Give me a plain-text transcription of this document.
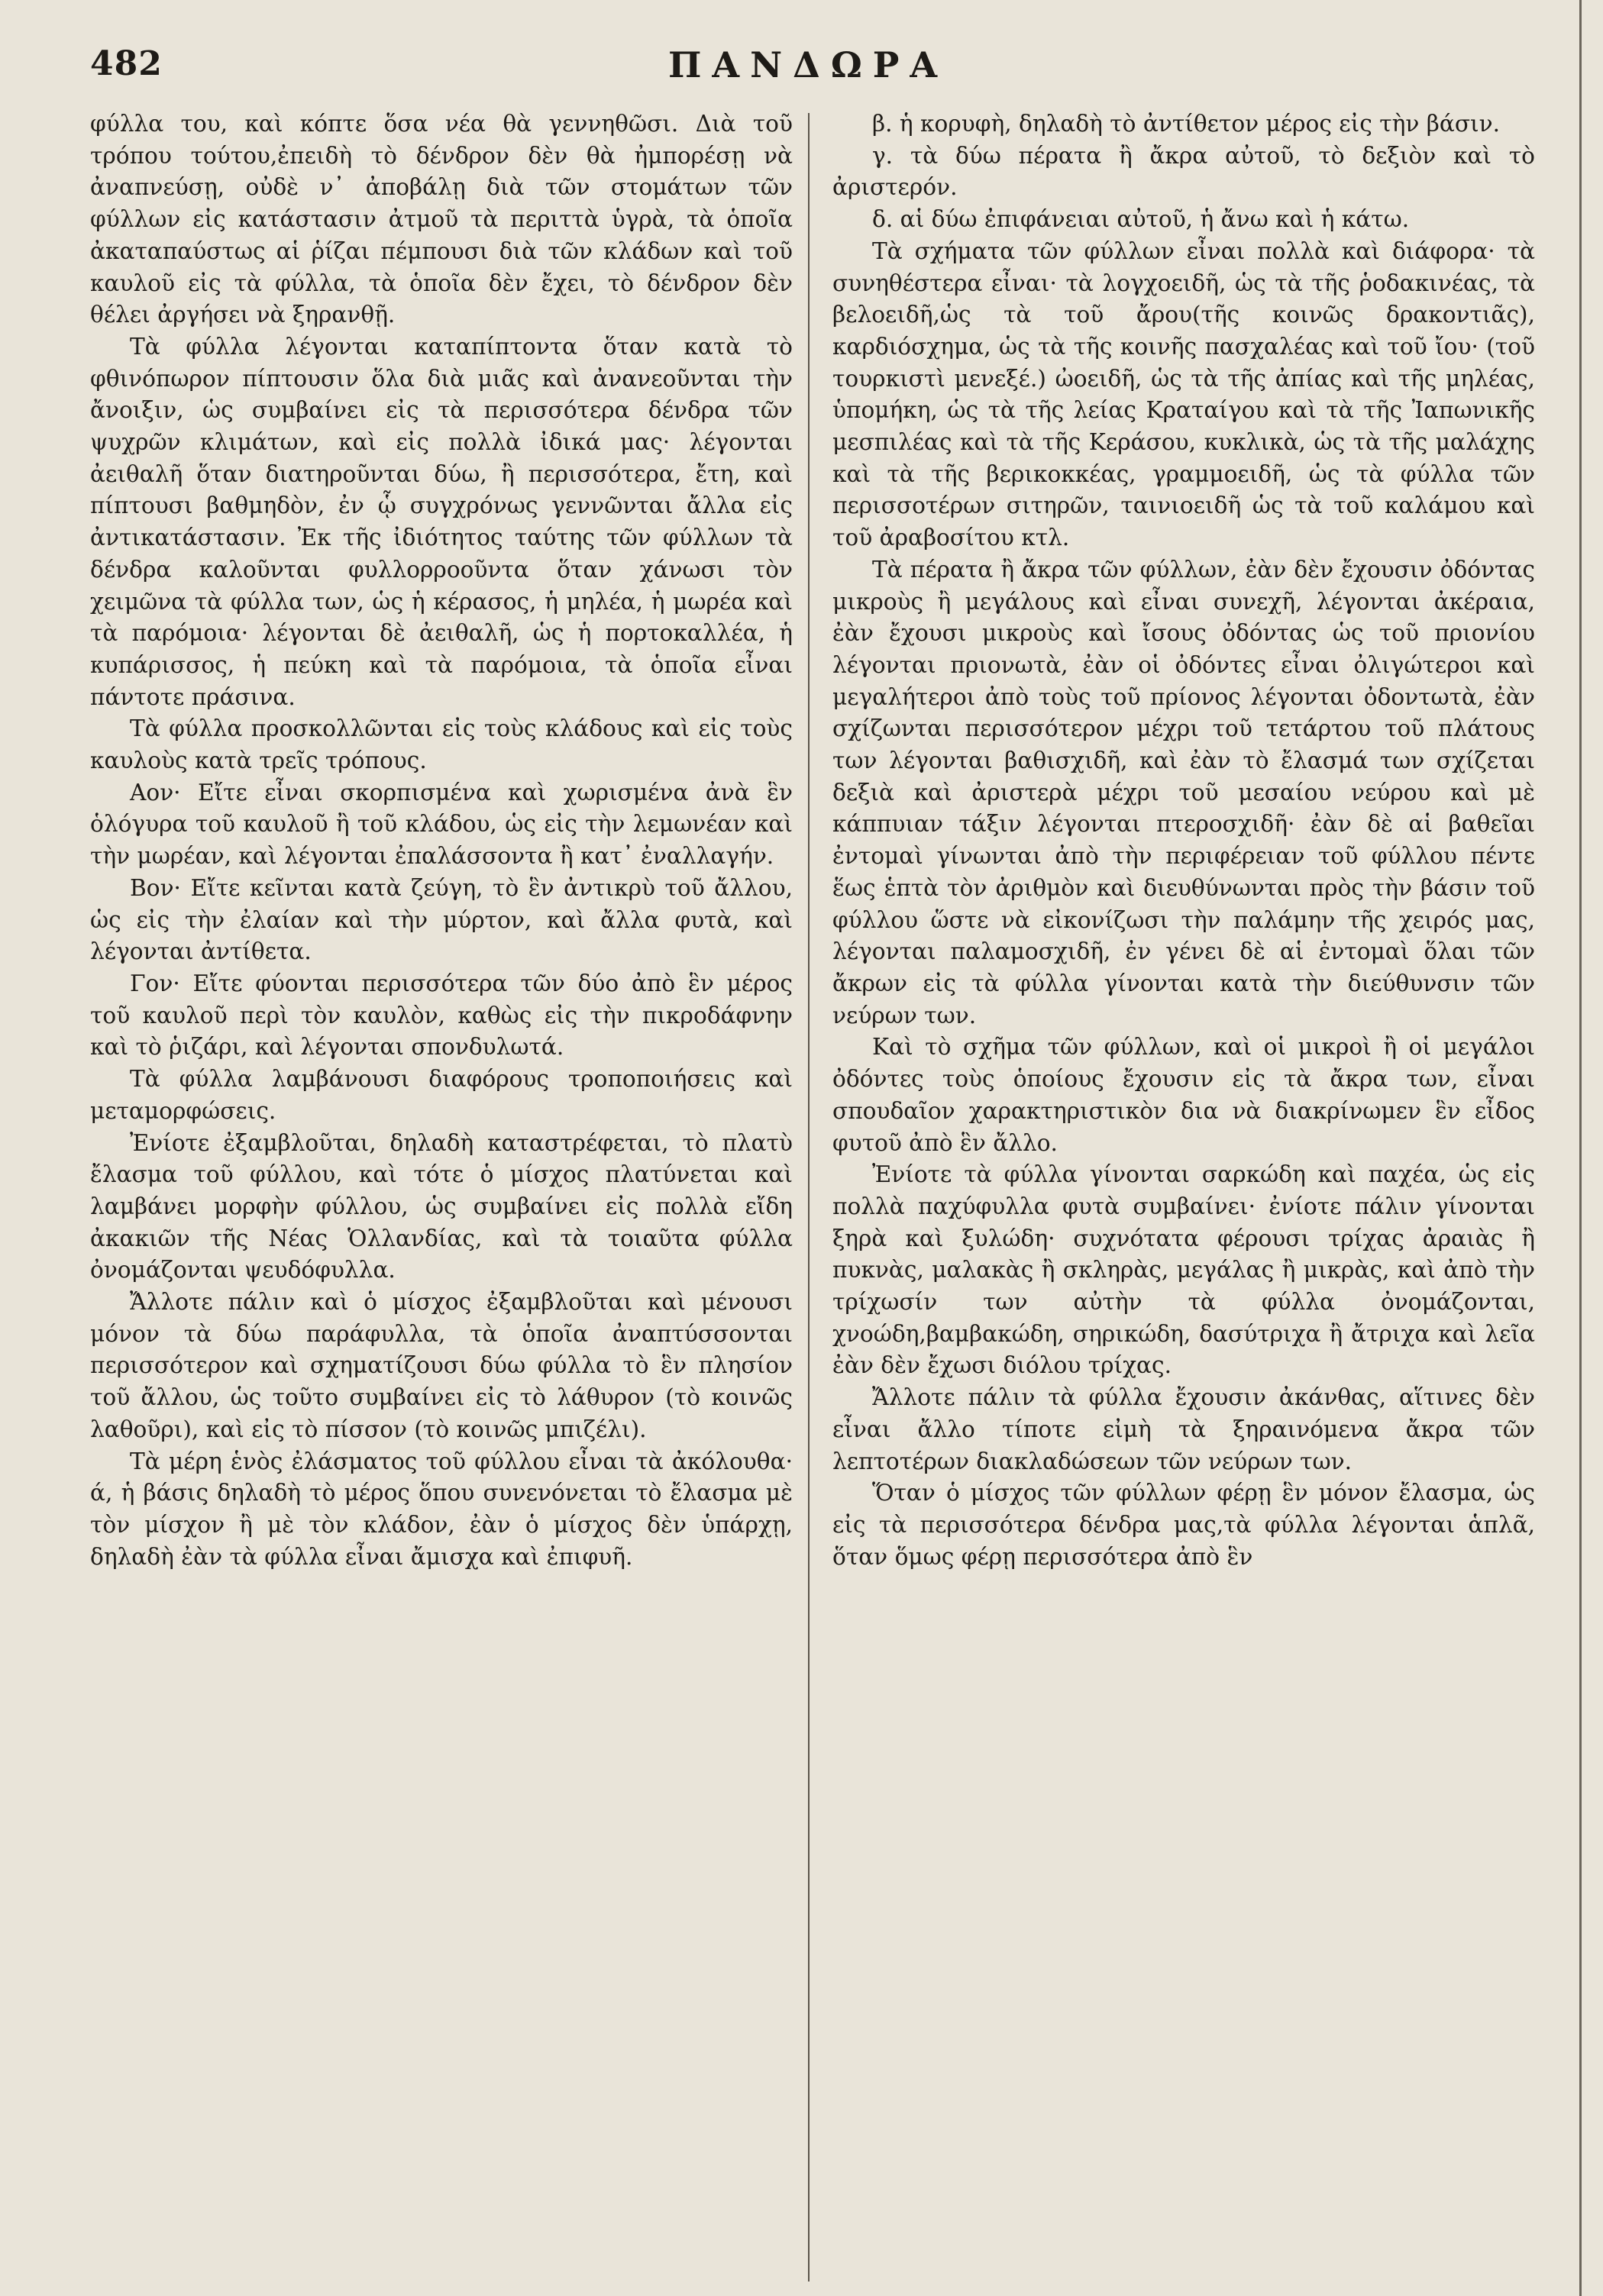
482	ΠΑΝΔΩΡΑ

φύλλα του, καὶ κόπτε ὅσα νέα θὰ γεννηθῶσι. Διὰ τοῦ τρόπου τούτου,ἐπειδὴ τὸ δένδρον δὲν θὰ ἠμπορέσῃ νὰ ἀναπνεύσῃ, οὐδὲ ν᾽ ἀποβάλῃ διὰ τῶν στομάτων τῶν φύλλων εἰς κατάστασιν ἀτμοῦ τὰ περιττὰ ὑγρὰ, τὰ ὁποῖα ἀκαταπαύστως αἱ ῥίζαι πέμπουσι διὰ τῶν κλάδων καὶ τοῦ καυλοῦ εἰς τὰ φύλλα, τὰ ὁποῖα δὲν ἔχει, τὸ δένδρον δὲν θέλει ἀργήσει νὰ ξηρανθῇ.

Τὰ φύλλα λέγονται καταπίπτοντα ὅταν κατὰ τὸ φθινόπωρον πίπτουσιν ὅλα διὰ μιᾶς καὶ ἀνανεοῦνται τὴν ἄνοιξιν, ὡς συμβαίνει εἰς τὰ περισσότερα δένδρα τῶν ψυχρῶν κλιμάτων, καὶ εἰς πολλὰ ἰδικά μας· λέγονται ἀειθαλῆ ὅταν διατηροῦνται δύω, ἢ περισσότερα, ἔτη, καὶ πίπτουσι βαθμηδὸν, ἐν ᾧ συγχρόνως γεννῶνται ἄλλα εἰς ἀντικατάστασιν. Ἐκ τῆς ἰδιότητος ταύτης τῶν φύλλων τὰ δένδρα καλοῦνται φυλλορροοῦντα ὅταν χάνωσι τὸν χειμῶνα τὰ φύλλα των, ὡς ἡ κέρασος, ἡ μηλέα, ἡ μωρέα καὶ τὰ παρόμοια· λέγονται δὲ ἀειθαλῆ, ὡς ἡ πορτοκαλλέα, ἡ κυπάρισσος, ἡ πεύκη καὶ τὰ παρόμοια, τὰ ὁποῖα εἶναι πάντοτε πράσινα.

Τὰ φύλλα προσκολλῶνται εἰς τοὺς κλάδους καὶ εἰς τοὺς καυλοὺς κατὰ τρεῖς τρόπους.

Αον· Εἴτε εἶναι σκορπισμένα καὶ χωρισμένα ἀνὰ ἓν ὁλόγυρα τοῦ καυλοῦ ἢ τοῦ κλάδου, ὡς εἰς τὴν λεμωνέαν καὶ τὴν μωρέαν, καὶ λέγονται ἐπαλάσσοντα ἢ κατ᾽ ἐναλλαγήν.

Βον· Εἴτε κεῖνται κατὰ ζεύγη, τὸ ἓν ἀντικρὺ τοῦ ἄλλου, ὡς εἰς τὴν ἐλαίαν καὶ τὴν μύρτον, καὶ ἄλλα φυτὰ, καὶ λέγονται ἀντίθετα.

Γον· Εἴτε φύονται περισσότερα τῶν δύο ἀπὸ ἓν μέρος τοῦ καυλοῦ περὶ τὸν καυλὸν, καθὼς εἰς τὴν πικροδάφνην καὶ τὸ ῥιζάρι, καὶ λέγονται σπονδυλωτά.

Τὰ φύλλα λαμβάνουσι διαφόρους τροποποιήσεις καὶ μεταμορφώσεις.

Ἐνίοτε ἐξαμβλοῦται, δηλαδὴ καταστρέφεται, τὸ πλατὺ ἔλασμα τοῦ φύλλου, καὶ τότε ὁ μίσχος πλατύνεται καὶ λαμβάνει μορφὴν φύλλου, ὡς συμβαίνει εἰς πολλὰ εἴδη ἀκακιῶν τῆς Νέας Ὁλλανδίας, καὶ τὰ τοιαῦτα φύλλα ὀνομάζονται ψευδόφυλλα.

Ἄλλοτε πάλιν καὶ ὁ μίσχος ἐξαμβλοῦται καὶ μένουσι μόνον τὰ δύω παράφυλλα, τὰ ὁποῖα ἀναπτύσσονται περισσότερον καὶ σχηματίζουσι δύω φύλλα τὸ ἓν πλησίον τοῦ ἄλλου, ὡς τοῦτο συμβαίνει εἰς τὸ λάθυρον (τὸ κοινῶς λαθοῦρι), καὶ εἰς τὸ πίσσον (τὸ κοινῶς μπιζέλι).

Τὰ μέρη ἑνὸς ἐλάσματος τοῦ φύλλου εἶναι τὰ ἀκόλουθα· ά, ἡ βάσις δηλαδὴ τὸ μέρος ὅπου συνενόνεται τὸ ἔλασμα μὲ τὸν μίσχον ἢ μὲ τὸν κλάδον, ἐὰν ὁ μίσχος δὲν ὑπάρχῃ, δηλαδὴ ἐὰν τὰ φύλλα εἶναι ἄμισχα καὶ ἐπιφυῆ.

β. ἡ κορυφὴ, δηλαδὴ τὸ ἀντίθετον μέρος εἰς τὴν βάσιν.

γ. τὰ δύω πέρατα ἢ ἄκρα αὐτοῦ, τὸ δεξιὸν καὶ τὸ ἀριστερόν.

δ. αἱ δύω ἐπιφάνειαι αὐτοῦ, ἡ ἄνω καὶ ἡ κάτω.

Τὰ σχήματα τῶν φύλλων εἶναι πολλὰ καὶ διάφορα· τὰ συνηθέστερα εἶναι· τὰ λογχοειδῆ, ὡς τὰ τῆς ῥοδακινέας, τὰ βελοειδῆ,ὡς τὰ τοῦ ἄρου(τῆς κοινῶς δρακοντιᾶς), καρδιόσχημα, ὡς τὰ τῆς κοινῆς πασχαλέας καὶ τοῦ ἴου· (τοῦ τουρκιστὶ μενεξέ.) ὠοειδῆ, ὡς τὰ τῆς ἀπίας καὶ τῆς μηλέας, ὑπομήκη, ὡς τὰ τῆς λείας Κραταίγου καὶ τὰ τῆς Ἰαπωνικῆς μεσπιλέας καὶ τὰ τῆς Κεράσου, κυκλικὰ, ὡς τὰ τῆς μαλάχης καὶ τὰ τῆς βερικοκκέας, γραμμοειδῆ, ὡς τὰ φύλλα τῶν περισσοτέρων σιτηρῶν, ταινιοειδῆ ὡς τὰ τοῦ καλάμου καὶ τοῦ ἀραβοσίτου κτλ.

Τὰ πέρατα ἢ ἄκρα τῶν φύλλων, ἐὰν δὲν ἔχουσιν ὀδόντας μικροὺς ἢ μεγάλους καὶ εἶναι συνεχῆ, λέγονται ἀκέραια, ἐὰν ἔχουσι μικροὺς καὶ ἴσους ὀδόντας ὡς τοῦ πριονίου λέγονται πριονωτὰ, ἐὰν οἱ ὀδόντες εἶναι ὀλιγώτεροι καὶ μεγαλήτεροι ἀπὸ τοὺς τοῦ πρίονος λέγονται ὀδοντωτὰ, ἐὰν σχίζωνται περισσότερον μέχρι τοῦ τετάρτου τοῦ πλάτους των λέγονται βαθισχιδῆ, καὶ ἐὰν τὸ ἔλασμά των σχίζεται δεξιὰ καὶ ἀριστερὰ μέχρι τοῦ μεσαίου νεύρου καὶ μὲ κάππυιαν τάξιν λέγονται πτεροσχιδῆ· ἐὰν δὲ αἱ βαθεῖαι ἐντομαὶ γίνωνται ἀπὸ τὴν περιφέρειαν τοῦ φύλλου πέντε ἕως ἑπτὰ τὸν ἀριθμὸν καὶ διευθύνωνται πρὸς τὴν βάσιν τοῦ φύλλου ὥστε νὰ εἰκονίζωσι τὴν παλάμην τῆς χειρός μας, λέγονται παλαμοσχιδῆ, ἐν γένει δὲ αἱ ἐντομαὶ ὅλαι τῶν ἄκρων εἰς τὰ φύλλα γίνονται κατὰ τὴν διεύθυνσιν τῶν νεύρων των.

Καὶ τὸ σχῆμα τῶν φύλλων, καὶ οἱ μικροὶ ἢ οἱ μεγάλοι ὀδόντες τοὺς ὁποίους ἔχουσιν εἰς τὰ ἄκρα των, εἶναι σπουδαῖον χαρακτηριστικὸν δια νὰ διακρίνωμεν ἓν εἶδος φυτοῦ ἀπὸ ἓν ἄλλο.

Ἐνίοτε τὰ φύλλα γίνονται σαρκώδη καὶ παχέα, ὡς εἰς πολλὰ παχύφυλλα φυτὰ συμβαίνει· ἐνίοτε πάλιν γίνονται ξηρὰ καὶ ξυλώδη· συχνότατα φέρουσι τρίχας ἀραιὰς ἢ πυκνὰς, μαλακὰς ἢ σκληρὰς, μεγάλας ἢ μικρὰς, καὶ ἀπὸ τὴν τρίχωσίν των αὐτὴν τὰ φύλλα ὀνομάζονται, χνοώδη,βαμβακώδη, σηρικώδη, δασύτριχα ἢ ἄτριχα καὶ λεῖα ἐὰν δὲν ἔχωσι διόλου τρίχας.

Ἄλλοτε πάλιν τὰ φύλλα ἔχουσιν ἀκάνθας, αἵτινες δὲν εἶναι ἄλλο τίποτε εἰμὴ τὰ ξηραινόμενα ἄκρα τῶν λεπτοτέρων διακλαδώσεων τῶν νεύρων των.

Ὅταν ὁ μίσχος τῶν φύλλων φέρῃ ἓν μόνον ἔλασμα, ὡς εἰς τὰ περισσότερα δένδρα μας,τὰ φύλλα λέγονται ἁπλᾶ, ὅταν ὅμως φέρῃ περισσότερα ἀπὸ ἓν
